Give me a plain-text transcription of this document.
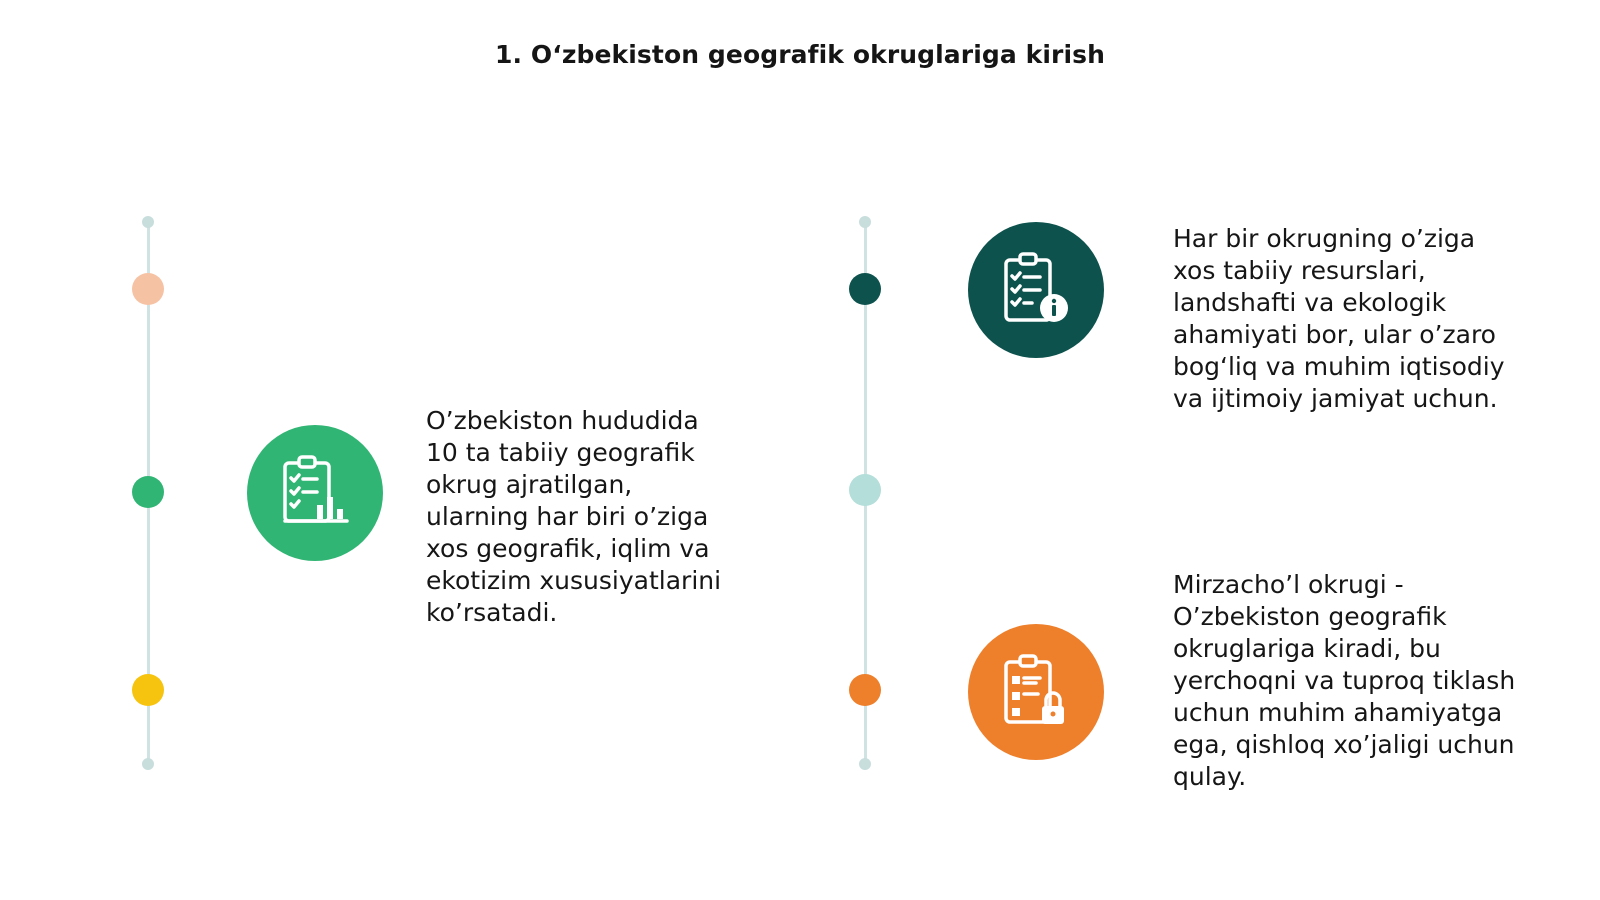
1. O‘zbekiston geografik okruglariga kirish
O’zbekiston hududida
10 ta tabiiy geografik
okrug ajratilgan,
ularning har biri o’ziga
xos geografik, iqlim va
ekotizim xususiyatlarini
ko’rsatadi.
Har bir okrugning o’ziga
xos tabiiy resurslari,
landshafti va ekologik
ahamiyati bor, ular o’zaro
bog‘liq va muhim iqtisodiy
va ijtimoiy jamiyat uchun.
Mirzacho’l okrugi -
O’zbekiston geografik
okruglariga kiradi, bu
yerchoqni va tuproq tiklash
uchun muhim ahamiyatga
ega, qishloq xo’jaligi uchun
qulay.
